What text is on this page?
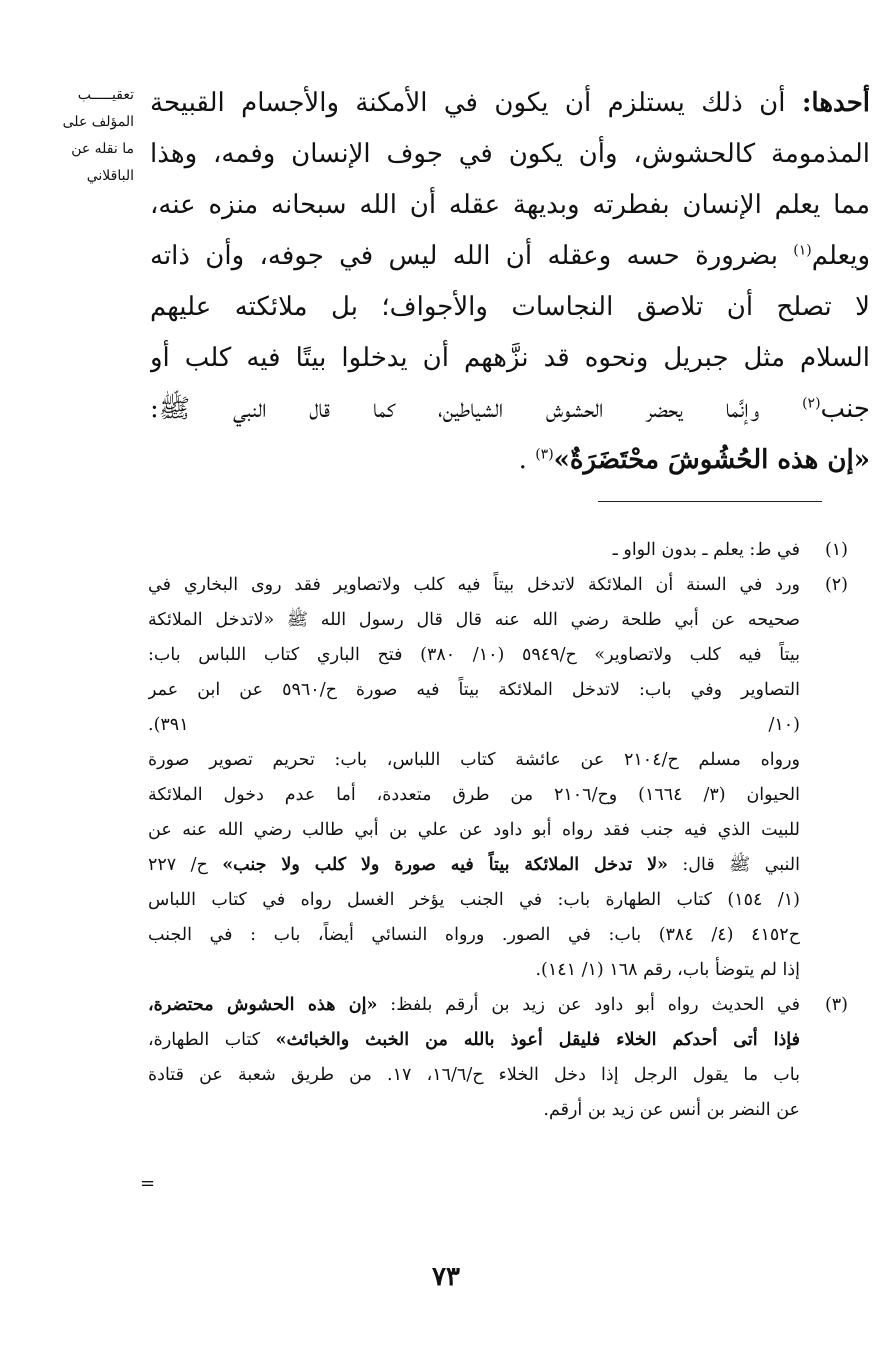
تعقيـــــب
المؤلف على
ما نقله عن
الباقلاني
أحدها: أن ذلك يستلزم أن يكون في الأمكنة والأجسام القبيحة
المذمومة كالحشوش، وأن يكون في جوف الإنسان وفمه، وهذا
مما يعلم الإنسان بفطرته وبديهة عقله أن الله سبحانه منزه عنه،
ويعلم$^{(١)}$ بضرورة حسه وعقله أن الله ليس في جوفه، وأن ذاته
لا تصلح أن تلاصق النجاسات والأجواف؛ بل ملائكته عليهم
السلام مثل جبريل ونحوه قد نزَّههم أن يدخلوا بيتًا فيه كلب أو
جنب$^{(٢)}$ وإنَّما يحضر الحشوش الشياطين، كما قال النبي ﷺ:
«إن هذه الحُشُوشَ محْتَضَرَةٌ»$^{(٣)}$ .
(١)
في ط: يعلم ـ بدون الواو ـ
(٢)
ورد في السنة أن الملائكة لاتدخل بيتاً فيه كلب ولاتصاوير فقد روى البخاري في
صحيحه عن أبي طلحة رضي الله عنه قال قال رسول الله ﷺ «لاتدخل الملائكة
بيتاً فيه كلب ولاتصاوير» ح/٥٩٤٩ (١٠/ ٣٨٠) فتح الباري كتاب اللباس باب:
التصاوير وفي باب: لاتدخل الملائكة بيتاً فيه صورة ح/٥٩٦٠ عن ابن عمر
(١٠/ ٣٩١).
ورواه مسلم ح/٢١٠٤ عن عائشة كتاب اللباس، باب: تحريم تصوير صورة
الحيوان (٣/ ١٦٦٤) وح/٢١٠٦ من طرق متعددة، أما عدم دخول الملائكة
للبيت الذي فيه جنب فقد رواه أبو داود عن علي بن أبي طالب رضي الله عنه عن
النبي ﷺ قال: «لا تدخل الملائكة بيتاً فيه صورة ولا كلب ولا جنب» ح/ ٢٢٧
(١/ ١٥٤) كتاب الطهارة باب: في الجنب يؤخر الغسل رواه في كتاب اللباس
ح٤١٥٢ (٤/ ٣٨٤) باب: في الصور. ورواه النسائي أيضاً، باب : في الجنب
إذا لم يتوضأ باب، رقم ١٦٨ (١/ ١٤١).
(٣)
في الحديث رواه أبو داود عن زيد بن أرقم بلفظ: «إن هذه الحشوش محتضرة،
فإذا أتى أحدكم الخلاء فليقل أعوذ بالله من الخبث والخبائث» كتاب الطهارة،
باب ما يقول الرجل إذا دخل الخلاء ح/١٦/٦، ١٧. من طريق شعبة عن قتادة
عن النضر بن أنس عن زيد بن أرقم.
=
٧٣
